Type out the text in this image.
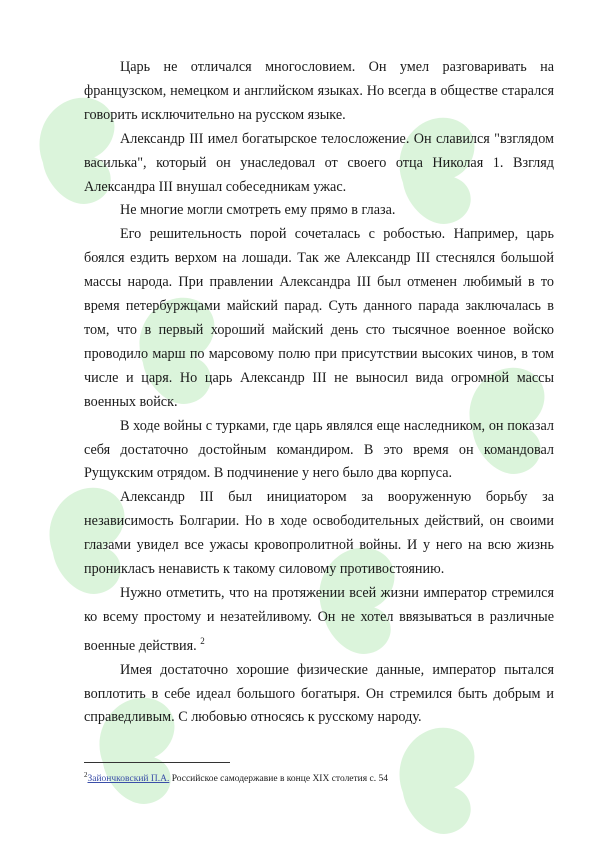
Царь не отличался многословием. Он умел разговаривать на французском, немецком и английском языках. Но всегда в обществе старался говорить исключительно на русском языке.

Александр III имел богатырское телосложение. Он славился "взглядом василька", который он унаследовал от своего отца Николая 1. Взгляд Александра III внушал собеседникам ужас.

Не многие могли смотреть ему прямо в глаза.

Его решительность порой сочеталась с робостью. Например, царь боялся ездить верхом на лошади. Так же Александр III стеснялся большой массы народа. При правлении Александра III был отменен любимый в то время петербуржцами майский парад. Суть данного парада заключалась в том, что в первый хороший майский день сто тысячное военное войско проводило марш по марсовому полю при присутствии высоких чинов, в том числе и царя. Но царь Александр III не выносил вида огромной массы военных войск.

В ходе войны с турками, где царь являлся еще наследником, он показал себя достаточно достойным командиром. В это время он командовал Рущукским отрядом. В подчинение у него было два корпуса.

Александр III был инициатором за вооруженную борьбу за независимость Болгарии. Но в ходе освободительных действий, он своими глазами увидел все ужасы кровопролитной войны. И у него на всю жизнь проникласъ ненависть к такому силовому противостоянию.

Нужно отметить, что на протяжении всей жизни император стремился ко всему простому и незатейливому. Он не хотел ввязываться в различные военные действия. $^2$

Имея достаточно хорошие физические данные, император пытался воплотить в себе идеал большого богатыря. Он стремился быть добрым и справедливым. С любовью относясь к русскому народу.

$^2$Зайончковский П.А. Российское самодержавие в конце XIX столетия с. 54
